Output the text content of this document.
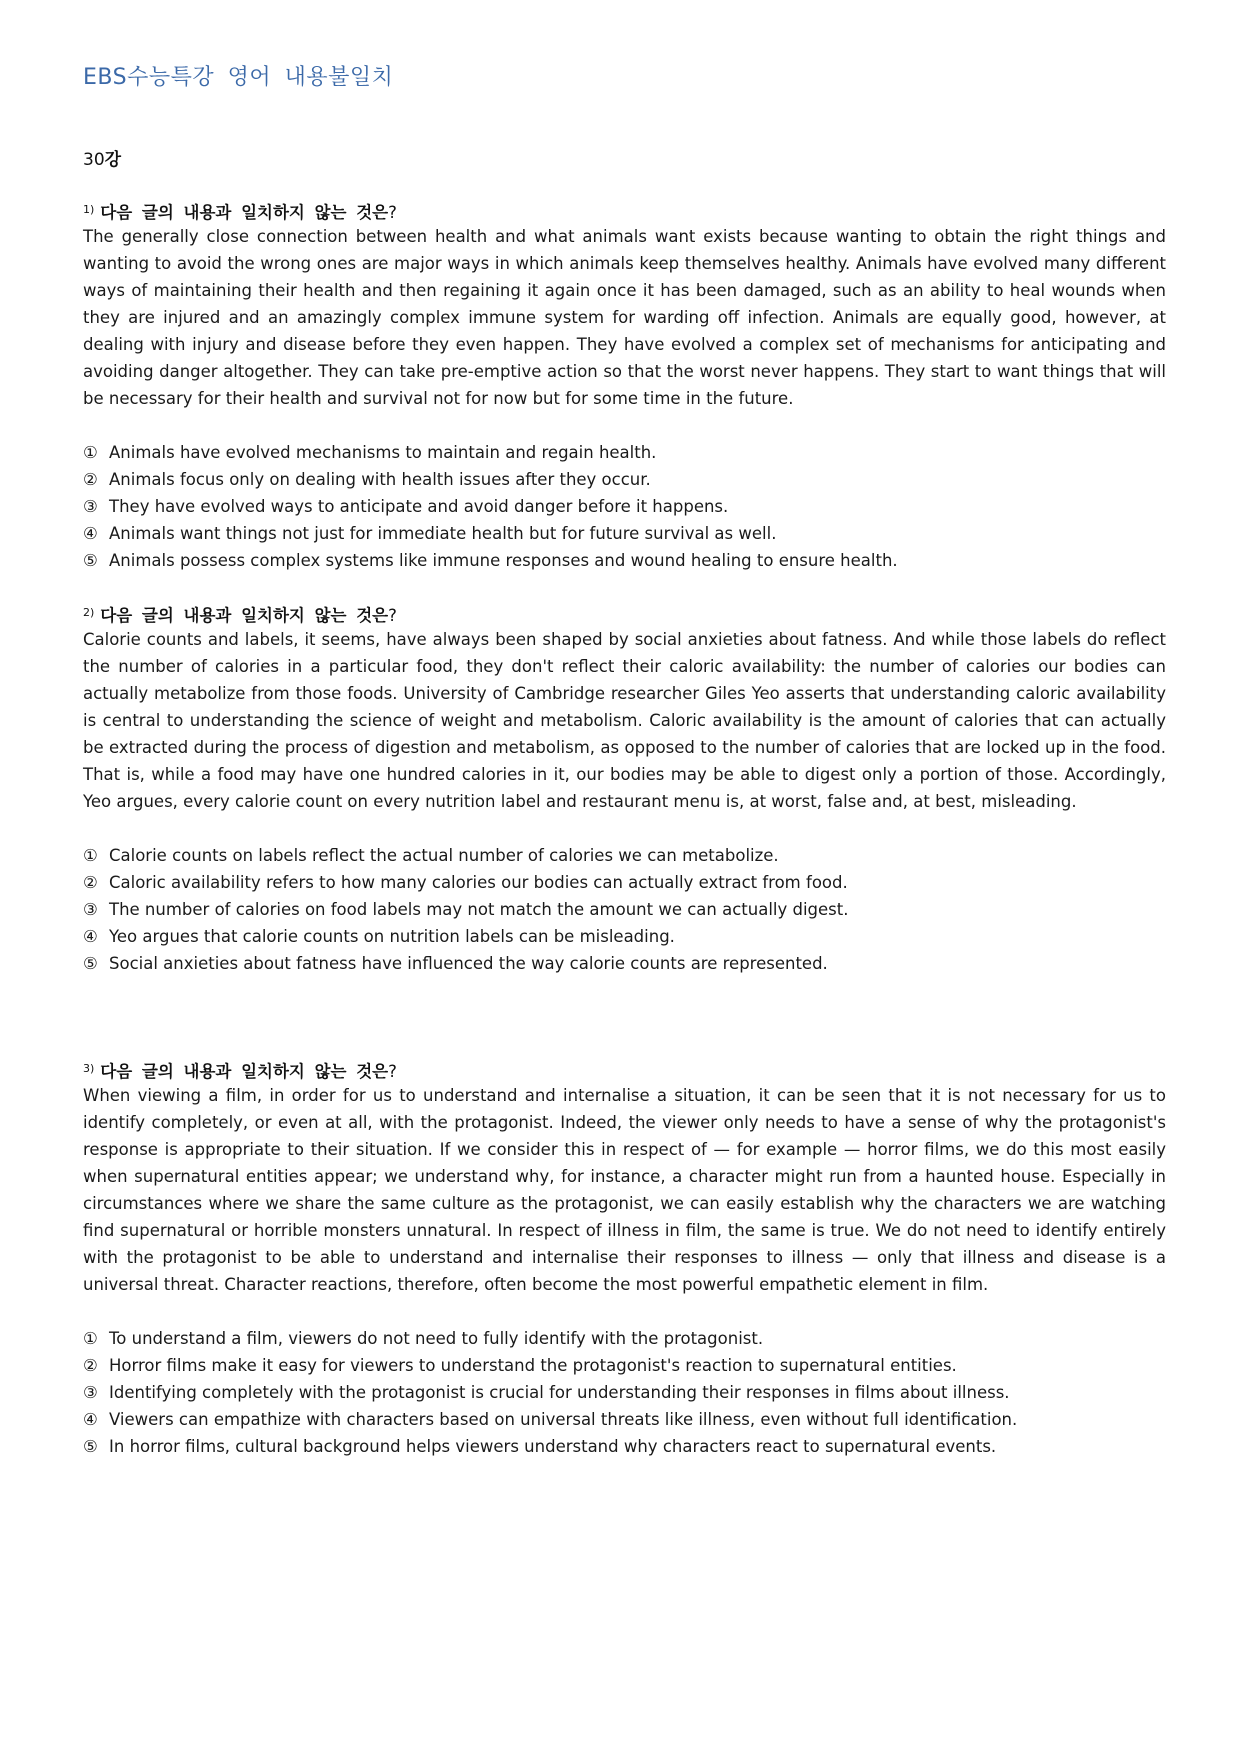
EBS수능특강 영어 내용불일치
30강
$^{1)}$ 다음 글의 내용과 일치하지 않는 것은?

The generally close connection between health and what animals want exists because wanting to obtain the right things and wanting to avoid the wrong ones are major ways in which animals keep themselves healthy. Animals have evolved many different ways of maintaining their health and then regaining it again once it has been damaged, such as an ability to heal wounds when they are injured and an amazingly complex immune system for warding off infection. Animals are equally good, however, at dealing with injury and disease before they even happen. They have evolved a complex set of mechanisms for anticipating and avoiding danger altogether. They can take pre-emptive action so that the worst never happens. They start to want things that will be necessary for their health and survival not for now but for some time in the future.

① Animals have evolved mechanisms to maintain and regain health.
② Animals focus only on dealing with health issues after they occur.
③ They have evolved ways to anticipate and avoid danger before it happens.
④ Animals want things not just for immediate health but for future survival as well.
⑤ Animals possess complex systems like immune responses and wound healing to ensure health.
$^{2)}$ 다음 글의 내용과 일치하지 않는 것은?

Calorie counts and labels, it seems, have always been shaped by social anxieties about fatness. And while those labels do reflect the number of calories in a particular food, they don't reflect their caloric availability: the number of calories our bodies can actually metabolize from those foods. University of Cambridge researcher Giles Yeo asserts that understanding caloric availability is central to understanding the science of weight and metabolism. Caloric availability is the amount of calories that can actually be extracted during the process of digestion and metabolism, as opposed to the number of calories that are locked up in the food. That is, while a food may have one hundred calories in it, our bodies may be able to digest only a portion of those. Accordingly, Yeo argues, every calorie count on every nutrition label and restaurant menu is, at worst, false and, at best, misleading.

① Calorie counts on labels reflect the actual number of calories we can metabolize.
② Caloric availability refers to how many calories our bodies can actually extract from food.
③ The number of calories on food labels may not match the amount we can actually digest.
④ Yeo argues that calorie counts on nutrition labels can be misleading.
⑤ Social anxieties about fatness have influenced the way calorie counts are represented.
$^{3)}$ 다음 글의 내용과 일치하지 않는 것은?

When viewing a film, in order for us to understand and internalise a situation, it can be seen that it is not necessary for us to identify completely, or even at all, with the protagonist. Indeed, the viewer only needs to have a sense of why the protagonist's response is appropriate to their situation. If we consider this in respect of — for example — horror films, we do this most easily when supernatural entities appear; we understand why, for instance, a character might run from a haunted house. Especially in circumstances where we share the same culture as the protagonist, we can easily establish why the characters we are watching find supernatural or horrible monsters unnatural. In respect of illness in film, the same is true. We do not need to identify entirely with the protagonist to be able to understand and internalise their responses to illness — only that illness and disease is a universal threat. Character reactions, therefore, often become the most powerful empathetic element in film.

① To understand a film, viewers do not need to fully identify with the protagonist.
② Horror films make it easy for viewers to understand the protagonist's reaction to supernatural entities.
③ Identifying completely with the protagonist is crucial for understanding their responses in films about illness.
④ Viewers can empathize with characters based on universal threats like illness, even without full identification.
⑤ In horror films, cultural background helps viewers understand why characters react to supernatural events.
